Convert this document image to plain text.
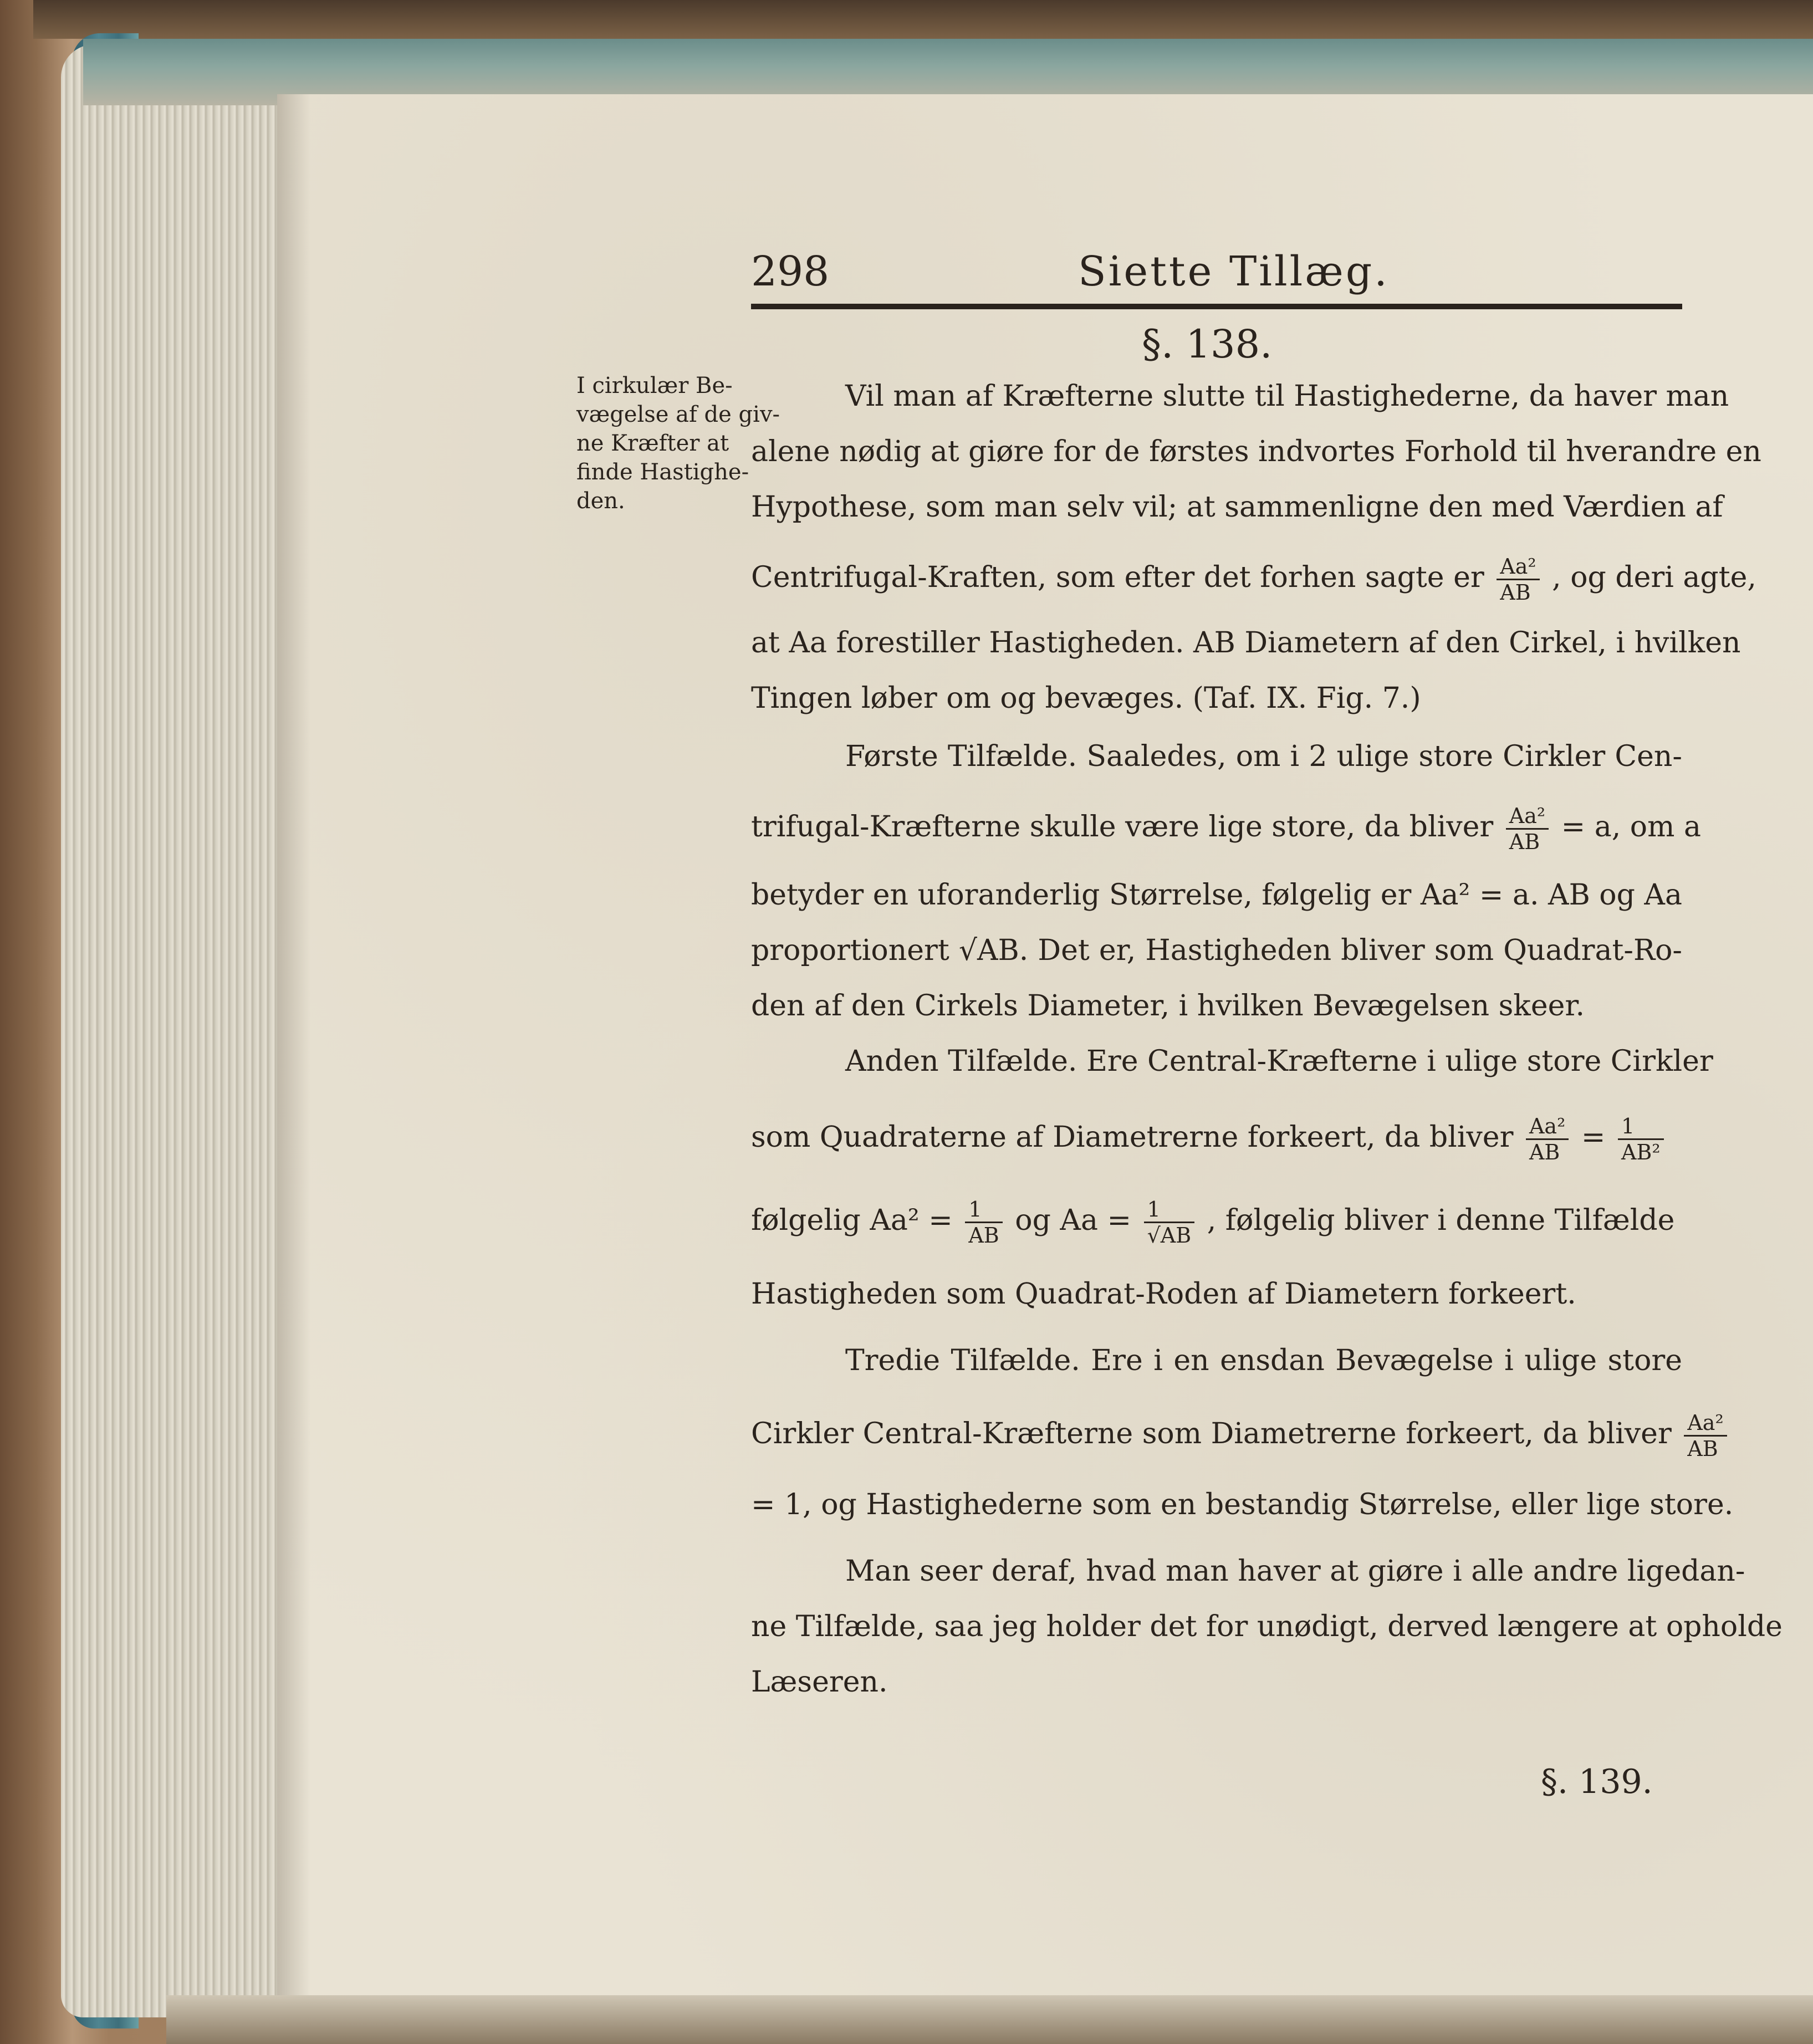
298	Siette Tillæg.
§. 138.
I cirkulær Be-
vægelse af de giv-
ne Kræfter at
finde Hastighe-
den.
Vil man af Kræfterne slutte til Hastighederne, da haver man
alene nødig at giøre for de førstes indvortes Forhold til hverandre en
Hypothese, som man selv vil; at sammenligne den med Værdien af
Centrifugal-Kraften, som efter det forhen sagte er $\frac{\text{Aa²}}{AB}$ , og deri agte,
at Aa forestiller Hastigheden. AB Diametern af den Cirkel, i hvilken
Tingen løber om og bevæges. (Taf. IX. Fig. 7.)
Første Tilfælde. Saaledes, om i 2 ulige store Cirkler Cen-
trifugal-Kræfterne skulle være lige store, da bliver $\frac{\text{Aa²}}{AB} = a$, om a
betyder en uforanderlig Størrelse, følgelig er Aa² = a. AB og Aa
proportionert √AB. Det er, Hastigheden bliver som Quadrat-Ro-
den af den Cirkels Diameter, i hvilken Bevægelsen skeer.
Anden Tilfælde. Ere Central-Kræfterne i ulige store Cirkler
som Quadraterne af Diametrerne forkeert, da bliver $\frac{\text{Aa²}}{AB} = \frac{1}{\text{AB²}}$
følgelig $Aa^2 = \frac{1}{AB}$ og $Aa = \frac{1}{√AB}$ , følgelig bliver i denne Tilfælde
Hastigheden som Quadrat-Roden af Diametern forkeert.
Tredie Tilfælde. Ere i en ensdan Bevægelse i ulige store
Cirkler Central-Kræfterne som Diametrerne forkeert, da bliver $\frac{\text{Aa²}}{AB}$
= 1, og Hastighederne som en bestandig Størrelse, eller lige store.
Man seer deraf, hvad man haver at giøre i alle andre ligedan-
ne Tilfælde, saa jeg holder det for unødigt, derved længere at opholde
Læseren.
§. 139.
